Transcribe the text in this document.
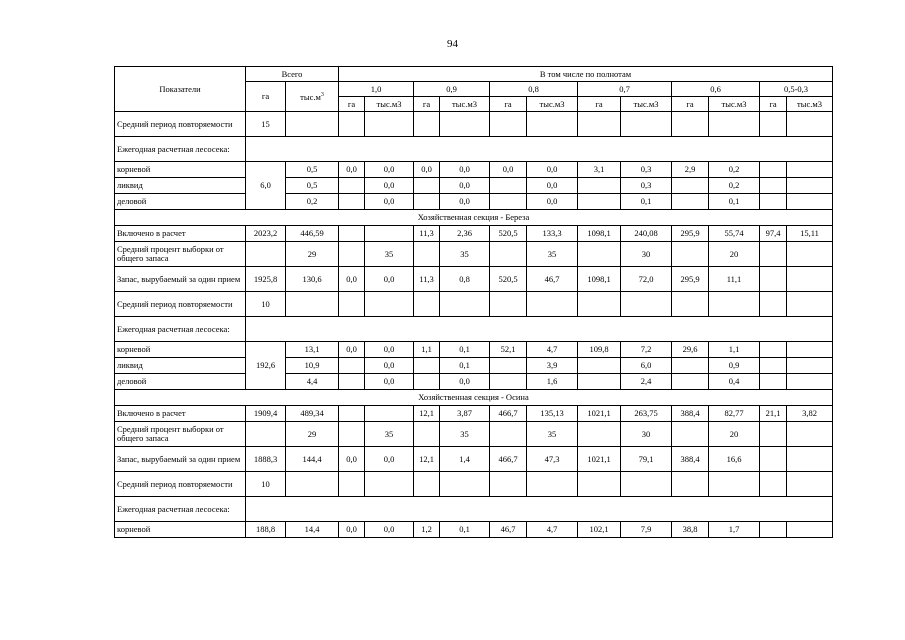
94
Показатели	Всего		В том числе по полнотам											
	га	$тыс.м^3$	1,0		0,9		0,8		0,7		0,6		0,5-0,3	
			га	тыс.м3	га	тыс.м3	га	тыс.м3	га	тыс.м3	га	тыс.м3	га	тыс.м3
Средний период повторяемости	15													
Ежегодная расчетная лесосека:														
корневой	6,0	0,5	0,0	0,0	0,0	0,0	0,0	0,0	3,1	0,3	2,9	0,2		
ликвид		0,5		0,0		0,0		0,0		0,3		0,2		
деловой		0,2		0,0		0,0		0,0		0,1		0,1		
Хозяйственная секция - Береза														
Включено в расчет	2023,2	446,59			11,3	2,36	520,5	133,3	1098,1	240,08	295,9	55,74	97,4	15,11
Средний процент выборки от общего запаса		29		35		35		35		30		20		
Запас, вырубаемый за один прием	1925,8	130,6	0,0	0,0	11,3	0,8	520,5	46,7	1098,1	72,0	295,9	11,1		
Средний период повторяемости	10													
Ежегодная расчетная лесосека:														
корневой	192,6	13,1	0,0	0,0	1,1	0,1	52,1	4,7	109,8	7,2	29,6	1,1		
ликвид		10,9		0,0		0,1		3,9		6,0		0,9		
деловой		4,4		0,0		0,0		1,6		2,4		0,4		
Хозяйственная секция - Осина														
Включено в расчет	1909,4	489,34			12,1	3,87	466,7	135,13	1021,1	263,75	388,4	82,77	21,1	3,82
Средний процент выборки от общего запаса		29		35		35		35		30		20		
Запас, вырубаемый за один прием	1888,3	144,4	0,0	0,0	12,1	1,4	466,7	47,3	1021,1	79,1	388,4	16,6		
Средний период повторяемости	10													
Ежегодная расчетная лесосека:														
корневой	188,8	14,4	0,0	0,0	1,2	0,1	46,7	4,7	102,1	7,9	38,8	1,7		
